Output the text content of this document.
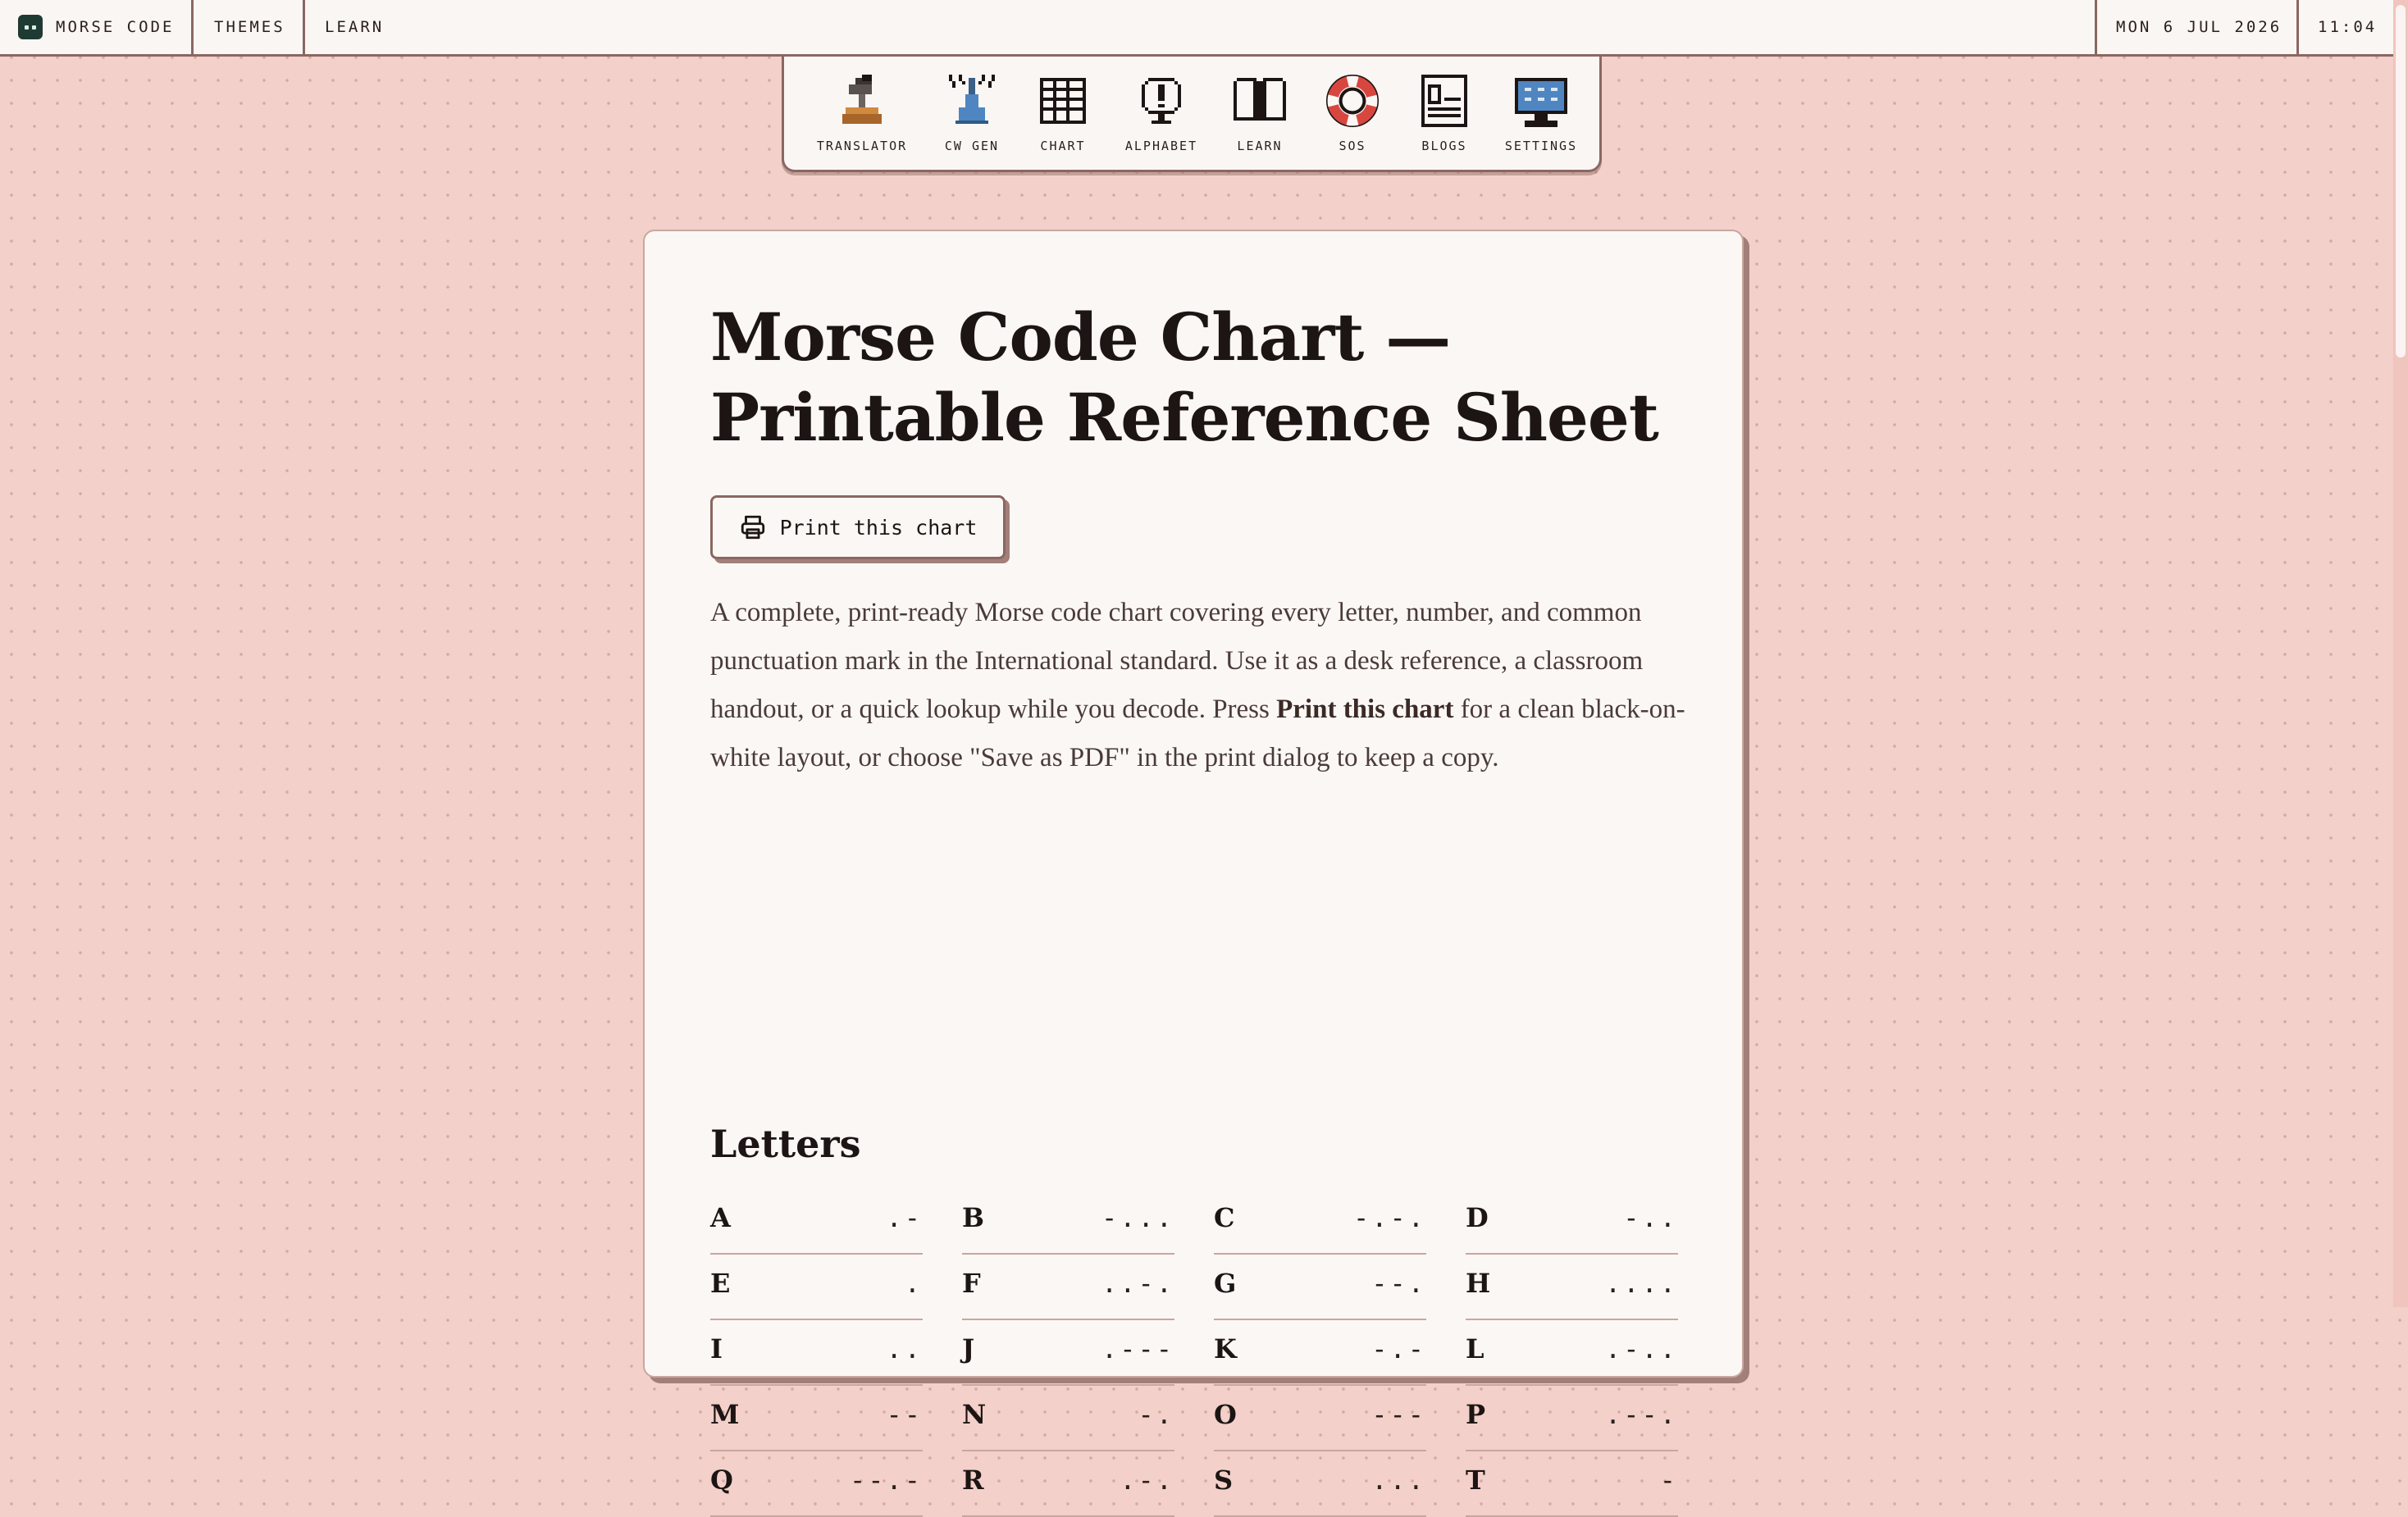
MORSE CODE	THEMES	LEARN	MON 6 JUL 2026 11:04
TRANSLATOR	CW GEN	CHART	ALPHABET	LEARN	SOS	BLOGS	SETTINGS
Morse Code Chart — Printable Reference Sheet
Print this chart

A complete, print-ready Morse code chart covering every letter, number, and common punctuation mark in the International standard. Use it as a desk reference, a classroom handout, or a quick lookup while you decode. Press Print this chart for a clean black-on-white layout, or choose "Save as PDF" in the print dialog to keep a copy.

Letters
A	.- B	-... C	-.-. D	-..
E	. F	..-. G	--. H	....
I	.. J	.--- K	-.- L	.-..
M	-- N	-. O	--- P	.--.
Q	--.- R	.-. S	... T	-
